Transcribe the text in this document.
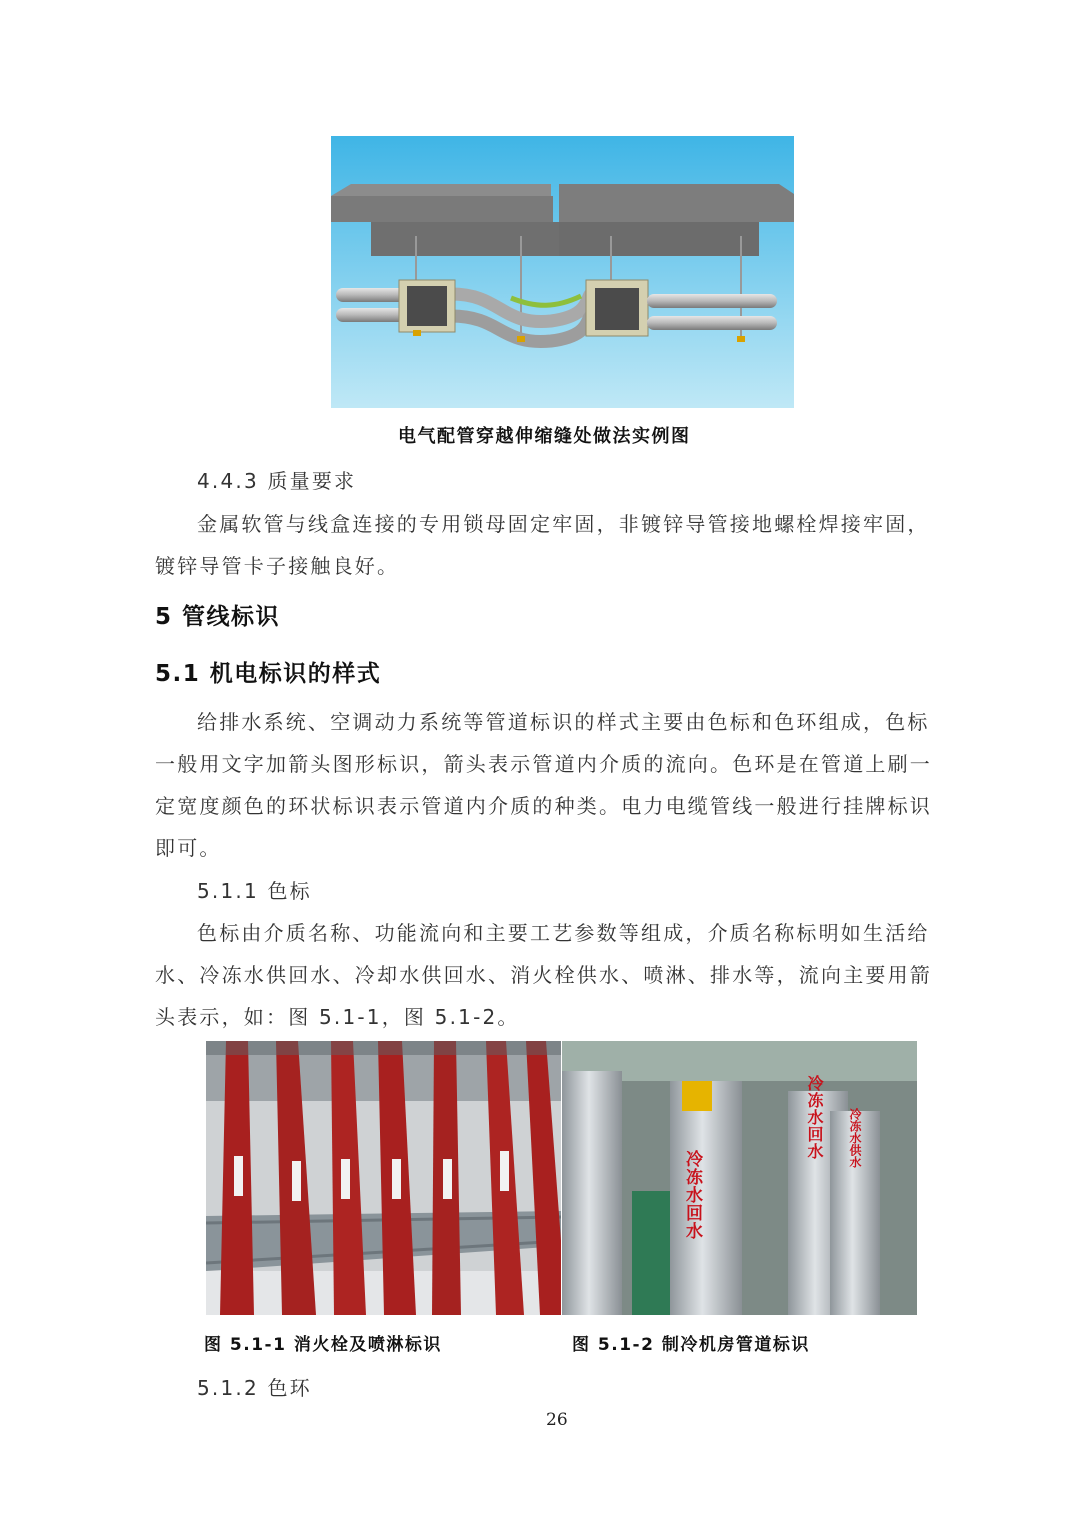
电气配管穿越伸缩缝处做法实例图
4.4.3 质量要求
金属软管与线盒连接的专用锁母固定牢固，非镀锌导管接地螺栓焊接牢固，
镀锌导管卡子接触良好。
5 管线标识
5.1 机电标识的样式
给排水系统、空调动力系统等管道标识的样式主要由色标和色环组成，色标
一般用文字加箭头图形标识，箭头表示管道内介质的流向。色环是在管道上刷一
定宽度颜色的环状标识表示管道内介质的种类。电力电缆管线一般进行挂牌标识
即可。
5.1.1 色标
色标由介质名称、功能流向和主要工艺参数等组成，介质名称标明如生活给
水、冷冻水供回水、冷却水供回水、消火栓供水、喷淋、排水等，流向主要用箭
头表示，如：图 5.1-1，图 5.1-2。
冷冻水回水
冷冻水回水 冷冻水供水
图 5.1-1 消火栓及喷淋标识	图 5.1-2 制冷机房管道标识
5.1.2 色环
26
